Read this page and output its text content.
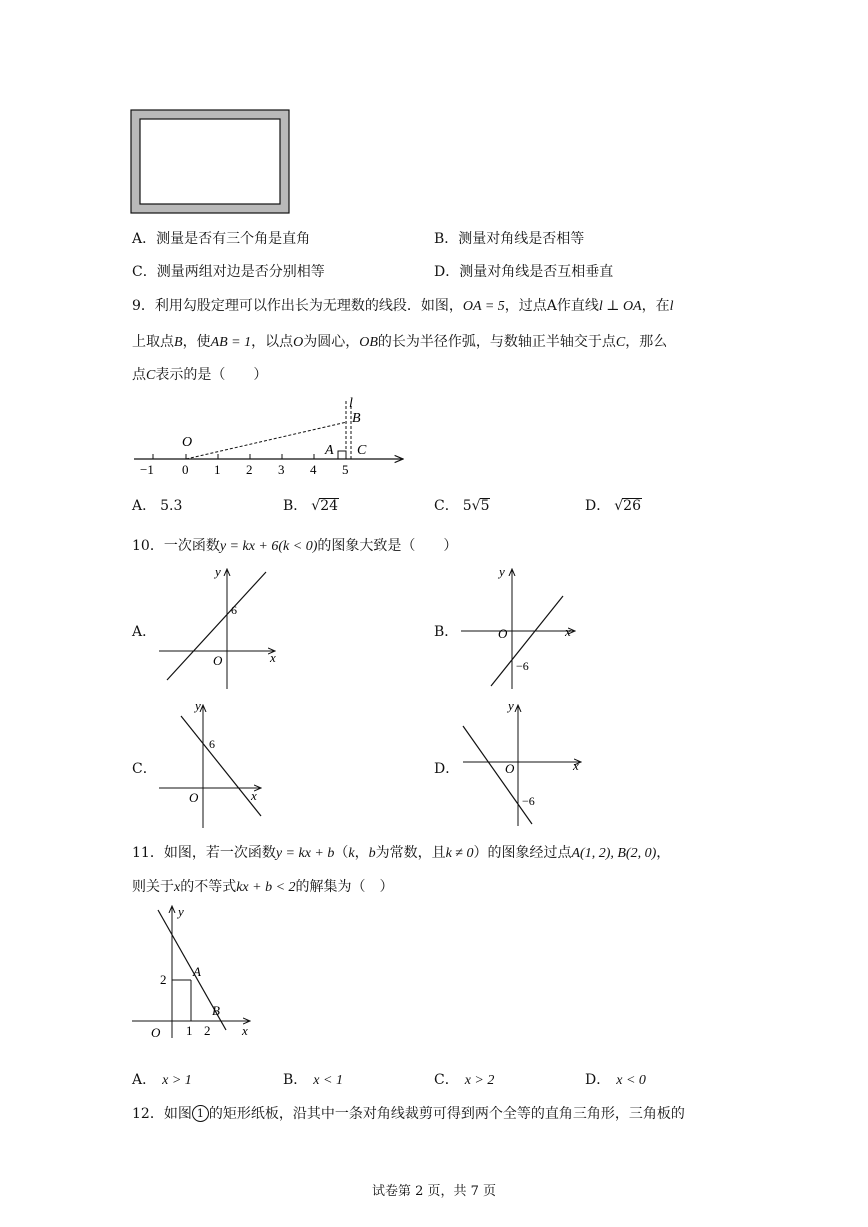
A．测量是否有三个角是直角	B．测量对角线是否相等
C．测量两组对边是否分别相等	D．测量对角线是否互相垂直
9．利用勾股定理可以作出长为无理数的线段．如图，OA = 5，过点A作直线l ⊥ OA，在l
上取点B，使AB = 1，以点O为圆心，OB的长为半径作弧，与数轴正半轴交于点C，那么
点C表示的是（　　）
−1 0 1 2 3 4 5
O
A
B
C
l
A． 5.3	B． √24	C． 5√5	D． √26
10．一次函数y = kx + 6(k < 0)的图象大致是（　　）
A．
y
x
O
6
B．
y
x
O
−6
C．
y
x
O
6
D．
y
x
O
−6
11．如图，若一次函数y = kx + b（k，b为常数，且k ≠ 0）的图象经过点A(1, 2), B(2, 0)，
则关于x的不等式kx + b < 2的解集为（　）
y
x
O
A
B
2
1 2
A． x > 1	B． x < 1	C． x > 2	D． x < 0
12．如图 1 的矩形纸板，沿其中一条对角线裁剪可得到两个全等的直角三角形，三角板的
试卷第 2 页，共 7 页
